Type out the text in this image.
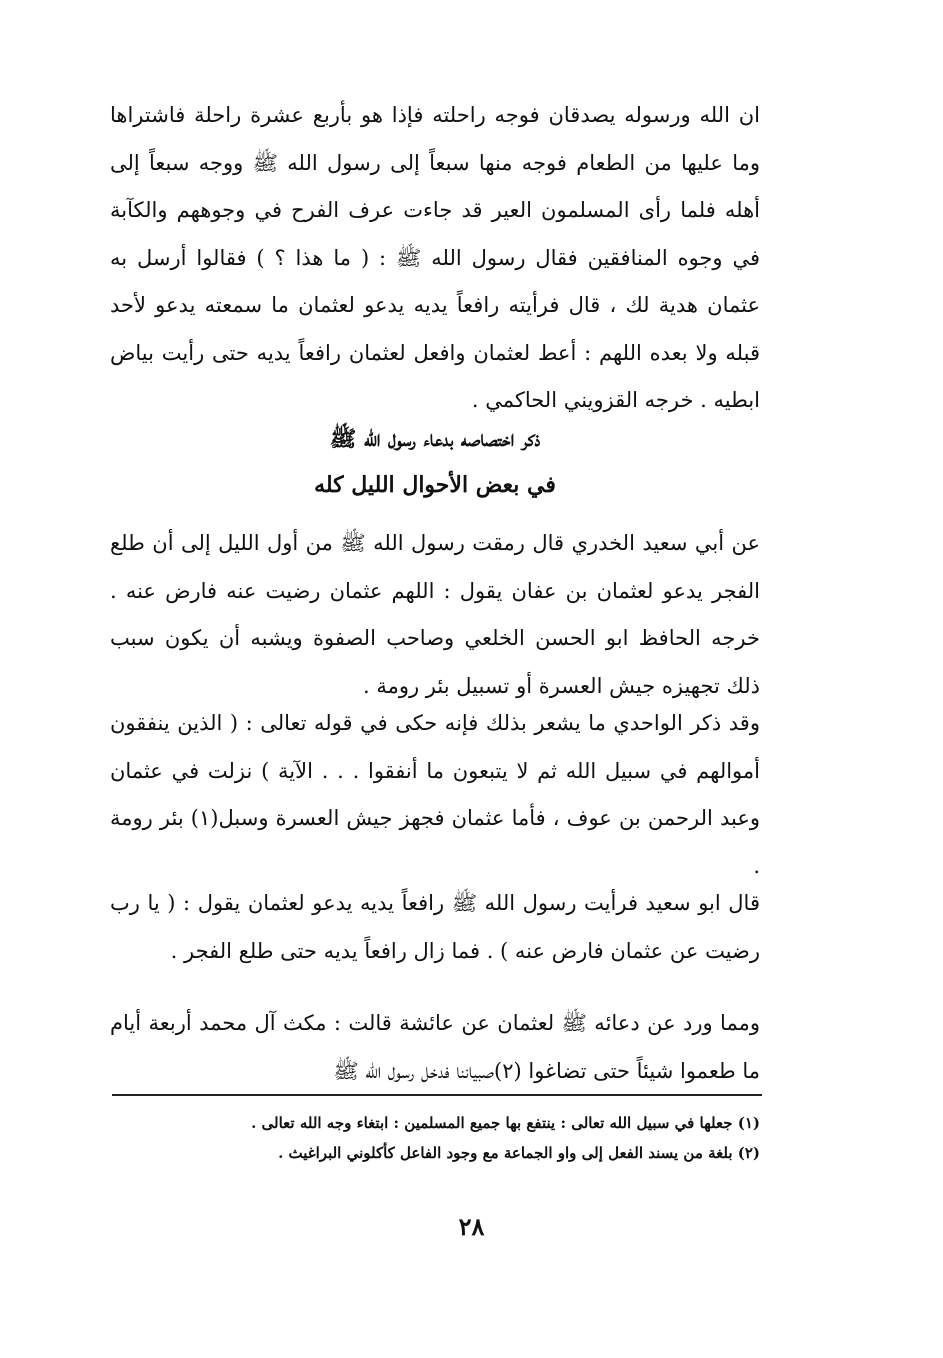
ان الله ورسوله يصدقان فوجه راحلته فإذا هو بأربع عشرة راحلة فاشتراها وما عليها من الطعام فوجه منها سبعاً إلى رسول الله ﷺ ووجه سبعاً إلى أهله فلما رأى المسلمون العير قد جاءت عرف الفرح في وجوههم والكآبة في وجوه المنافقين فقال رسول الله ﷺ : ( ما هذا ؟ ) فقالوا أرسل به عثمان هدية لك ، قال فرأيته رافعاً يديه يدعو لعثمان ما سمعته يدعو لأحد قبله ولا بعده اللهم : أعط لعثمان وافعل لعثمان رافعاً يديه حتى رأيت بياض ابطيه . خرجه القزويني الحاكمي .

ذكر اختصاصه بدعاء رسول الله ﷺ
في بعض الأحوال الليل كله

عن أبي سعيد الخدري قال رمقت رسول الله ﷺ من أول الليل إلى أن طلع الفجر يدعو لعثمان بن عفان يقول : اللهم عثمان رضيت عنه فارض عنه . خرجه الحافظ ابو الحسن الخلعي وصاحب الصفوة ويشبه أن يكون سبب ذلك تجهيزه جيش العسرة أو تسبيل بئر رومة .

وقد ذكر الواحدي ما يشعر بذلك فإنه حكى في قوله تعالى : ( الذين ينفقون أموالهم في سبيل الله ثم لا يتبعون ما أنفقوا . . . الآية ) نزلت في عثمان وعبد الرحمن بن عوف ، فأما عثمان فجهز جيش العسرة وسبل(١) بئر رومة .

قال ابو سعيد فرأيت رسول الله ﷺ رافعاً يديه يدعو لعثمان يقول : ( يا رب رضيت عن عثمان فارض عنه ) . فما زال رافعاً يديه حتى طلع الفجر .

ومما ورد عن دعائه ﷺ لعثمان عن عائشة قالت : مكث آل محمد أربعة أيام ما طعموا شيئاً حتى تضاغوا (٢)صبياننا فدخل رسول الله ﷺ

(١) جعلها في سبيل الله تعالى : ينتفع بها جميع المسلمين : ابتغاء وجه الله تعالى .
(٢) بلغة من يسند الفعل إلى واو الجماعة مع وجود الفاعل كأكلوني البراغيث .
٢٨
